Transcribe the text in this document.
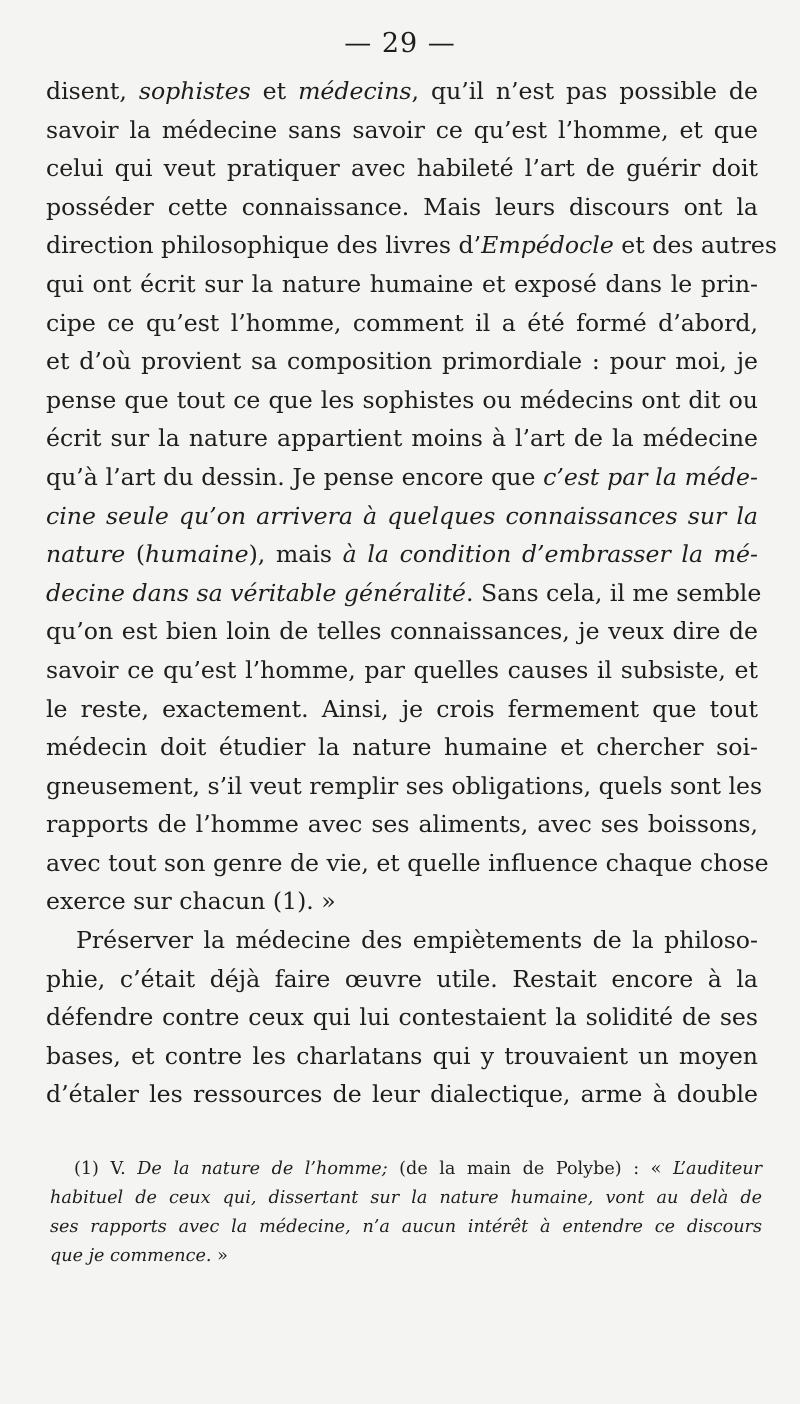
— 29 —
disent, sophistes et médecins, qu’il n’est pas possible de
savoir la médecine sans savoir ce qu’est l’homme, et que
celui qui veut pratiquer avec habileté l’art de guérir doit
posséder cette connaissance. Mais leurs discours ont la
direction philosophique des livres d’Empédocle et des autres
qui ont écrit sur la nature humaine et exposé dans le prin-
cipe ce qu’est l’homme, comment il a été formé d’abord,
et d’où provient sa composition primordiale : pour moi, je
pense que tout ce que les sophistes ou médecins ont dit ou
écrit sur la nature appartient moins à l’art de la médecine
qu’à l’art du dessin. Je pense encore que c’est par la méde-
cine seule qu’on arrivera à quelques connaissances sur la
nature (humaine), mais à la condition d’embrasser la mé-
decine dans sa véritable généralité. Sans cela, il me semble
qu’on est bien loin de telles connaissances, je veux dire de
savoir ce qu’est l’homme, par quelles causes il subsiste, et
le reste, exactement. Ainsi, je crois fermement que tout
médecin doit étudier la nature humaine et chercher soi-
gneusement, s’il veut remplir ses obligations, quels sont les
rapports de l’homme avec ses aliments, avec ses boissons,
avec tout son genre de vie, et quelle influence chaque chose
exerce sur chacun (1). »
Préserver la médecine des empiètements de la philoso-
phie, c’était déjà faire œuvre utile. Restait encore à la
défendre contre ceux qui lui contestaient la solidité de ses
bases, et contre les charlatans qui y trouvaient un moyen
d’étaler les ressources de leur dialectique, arme à double
(1) V. De la nature de l’homme; (de la main de Polybe) : « L’auditeur
habituel de ceux qui, dissertant sur la nature humaine, vont au delà de
ses rapports avec la médecine, n’a aucun intérêt à entendre ce discours
que je commence. »
